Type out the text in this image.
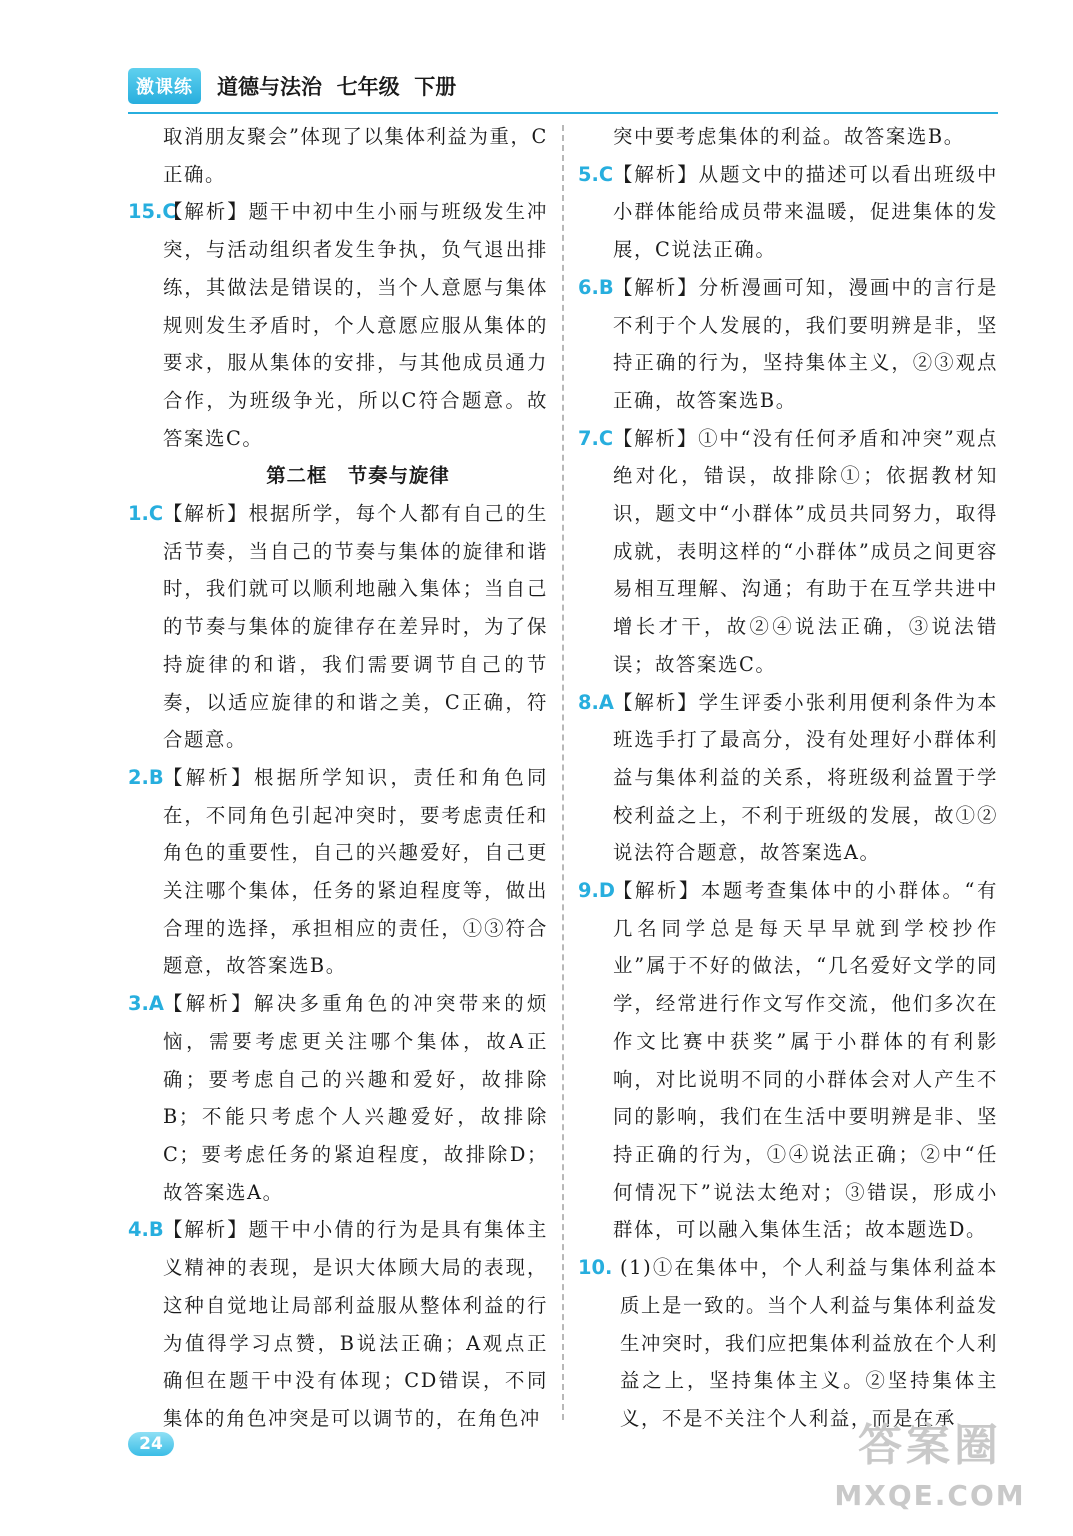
激课练	道德与法治  七年级  下册
取消朋友聚会”体现了以集体利益为重，C正确。
15.C
【解析】题干中初中生小丽与班级发生冲突，与活动组织者发生争执，负气退出排练，其做法是错误的，当个人意愿与集体规则发生矛盾时，个人意愿应服从集体的要求，服从集体的安排，与其他成员通力合作，为班级争光，所以C符合题意。故答案选C。
第二框　节奏与旋律
1.C 【解析】根据所学，每个人都有自己的生活节奏，当自己的节奏与集体的旋律和谐时，我们就可以顺利地融入集体；当自己的节奏与集体的旋律存在差异时，为了保持旋律的和谐，我们需要调节自己的节奏，以适应旋律的和谐之美，C正确，符合题意。
2.B 【解析】根据所学知识，责任和角色同在，不同角色引起冲突时，要考虑责任和角色的重要性，自己的兴趣爱好，自己更关注哪个集体，任务的紧迫程度等，做出合理的选择，承担相应的责任，①③符合题意，故答案选B。
3.A 【解析】解决多重角色的冲突带来的烦恼，需要考虑更关注哪个集体，故A正确；要考虑自己的兴趣和爱好，故排除B；不能只考虑个人兴趣爱好，故排除C；要考虑任务的紧迫程度，故排除D；故答案选A。
4.B 【解析】题干中小倩的行为是具有集体主义精神的表现，是识大体顾大局的表现，这种自觉地让局部利益服从整体利益的行为值得学习点赞，B说法正确；A观点正确但在题干中没有体现；CD错误，不同集体的角色冲突是可以调节的，在角色冲
突中要考虑集体的利益。故答案选B。
5.C 【解析】从题文中的描述可以看出班级中小群体能给成员带来温暖，促进集体的发展，C说法正确。
6.B 【解析】分析漫画可知，漫画中的言行是不利于个人发展的，我们要明辨是非，坚持正确的行为，坚持集体主义，②③观点正确，故答案选B。
7.C 【解析】①中“没有任何矛盾和冲突”观点绝对化，错误，故排除①；依据教材知识，题文中“小群体”成员共同努力，取得成就，表明这样的“小群体”成员之间更容易相互理解、沟通；有助于在互学共进中增长才干，故②④说法正确，③说法错误；故答案选C。
8.A 【解析】学生评委小张利用便利条件为本班选手打了最高分，没有处理好小群体利益与集体利益的关系，将班级利益置于学校利益之上，不利于班级的发展，故①②说法符合题意，故答案选A。
9.D
【解析】本题考查集体中的小群体。“有几名同学总是每天早早就到学校抄作业”属于不好的做法，“几名爱好文学的同学，经常进行作文写作交流，他们多次在作文比赛中获奖”属于小群体的有利影响，对比说明不同的小群体会对人产生不同的影响，我们在生活中要明辨是非、坚持正确的行为，①④说法正确；②中“任何情况下”说法太绝对；③错误，形成小群体，可以融入集体生活；故本题选D。
10. (1)①在集体中，个人利益与集体利益本质上是一致的。当个人利益与集体利益发生冲突时，我们应把集体利益放在个人利益之上，坚持集体主义。②坚持集体主义，不是不关注个人利益，而是在承
24	答案圈
MXQE.COM
